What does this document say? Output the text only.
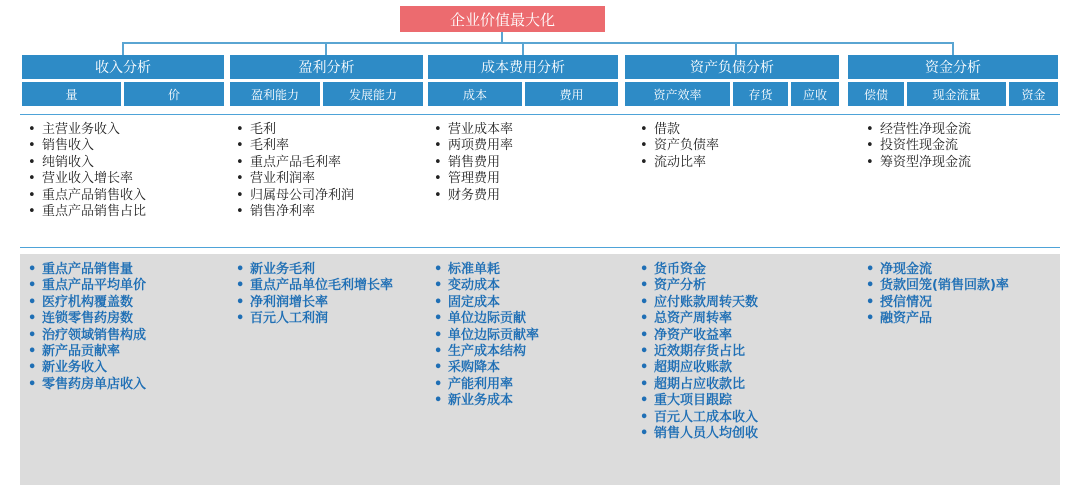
企业价值最大化
收入分析	盈利分析	成本费用分析	资产负债分析	资金分析
量	价	盈利能力	发展能力	成本	费用	资产效率	存货	应收	偿债	现金流量	资金
• 主营业务收入
• 销售收入
• 纯销收入
• 营业收入增长率
• 重点产品销售收入
• 重点产品销售占比
• 毛利
• 毛利率
• 重点产品毛利率
• 营业利润率
• 归属母公司净利润
• 销售净利率
• 营业成本率
• 两项费用率
• 销售费用
• 管理费用
• 财务费用
• 借款
• 资产负债率
• 流动比率
• 经营性净现金流
• 投资性现金流
• 筹资型净现金流
• 重点产品销售量
• 重点产品平均单价
• 医疗机构覆盖数
• 连锁零售药房数
• 治疗领域销售构成
• 新产品贡献率
• 新业务收入
• 零售药房单店收入
• 新业务毛利
• 重点产品单位毛利增长率
• 净利润增长率
• 百元人工利润
• 标准单耗
• 变动成本
• 固定成本
• 单位边际贡献
• 单位边际贡献率
• 生产成本结构
• 采购降本
• 产能利用率
• 新业务成本
• 货币资金
• 资产分析
• 应付账款周转天数
• 总资产周转率
• 净资产收益率
• 近效期存货占比
• 超期应收账款
• 超期占应收款比
• 重大项目跟踪
• 百元人工成本收入
• 销售人员人均创收
• 净现金流
• 货款回笼(销售回款)率
• 授信情况
• 融资产品
